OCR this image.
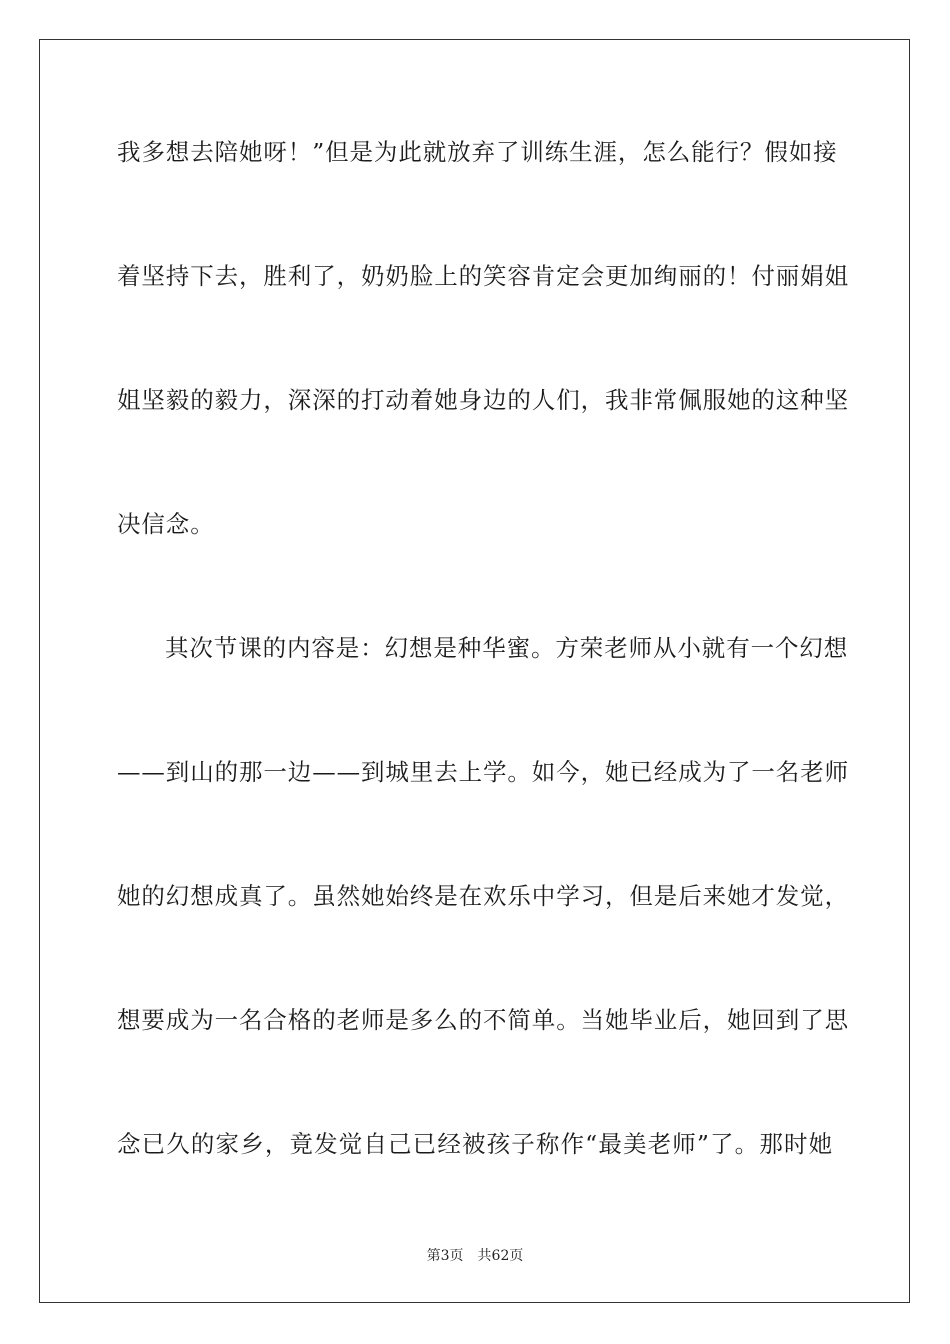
我多想去陪她呀！”但是为此就放弃了训练生涯，怎么能行？假如接
着坚持下去，胜利了，奶奶脸上的笑容肯定会更加绚丽的！付丽娟姐
姐坚毅的毅力，深深的打动着她身边的人们，我非常佩服她的这种坚
决信念。
其次节课的内容是：幻想是种华蜜。方荣老师从小就有一个幻想
——到山的那一边——到城里去上学。如今，她已经成为了一名老师
她的幻想成真了。虽然她始终是在欢乐中学习，但是后来她才发觉，
想要成为一名合格的老师是多么的不简单。当她毕业后，她回到了思
念已久的家乡，竟发觉自己已经被孩子称作“最美老师”了。那时她
第3页 共62页
